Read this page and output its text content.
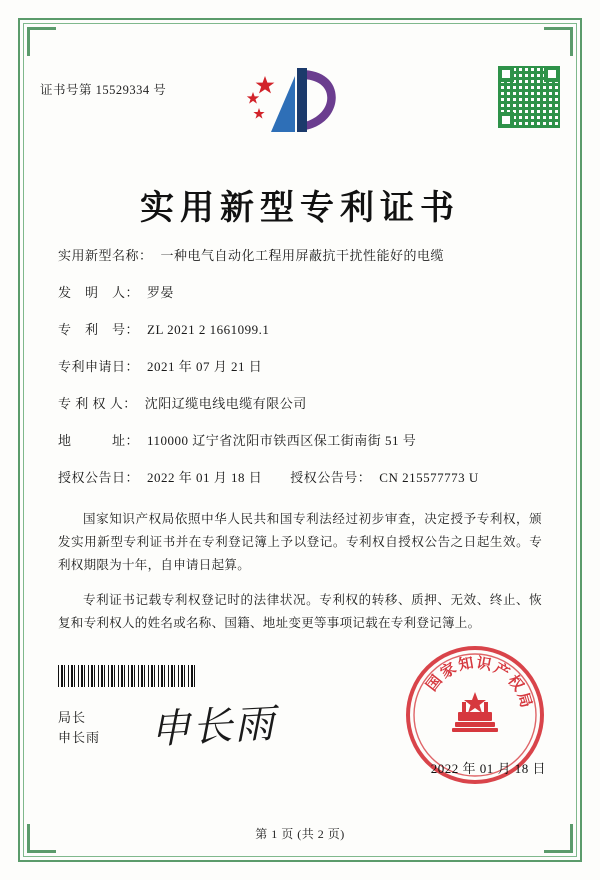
证书号第 15529334 号
实用新型专利证书
实用新型名称： 一种电气自动化工程用屏蔽抗干扰性能好的电缆
发　明　人： 罗晏
专　利　号： ZL 2021 2 1661099.1
专利申请日： 2021 年 07 月 21 日
专 利 权 人： 沈阳辽缆电线电缆有限公司
地　　　址： 110000 辽宁省沈阳市铁西区保工街南街 51 号
授权公告日： 2022 年 01 月 18 日	授权公告号： CN 215577773 U

国家知识产权局依照中华人民共和国专利法经过初步审查，决定授予专利权，颁发实用新型专利证书并在专利登记簿上予以登记。专利权自授权公告之日起生效。专利权期限为十年，自申请日起算。

专利证书记载专利权登记时的法律状况。专利权的转移、质押、无效、终止、恢复和专利权人的姓名或名称、国籍、地址变更等事项记载在专利登记簿上。

局长
申长雨 申长雨
国
家
知 识
产
权
局
2022 年 01 月 18 日
第 1 页 (共 2 页)
